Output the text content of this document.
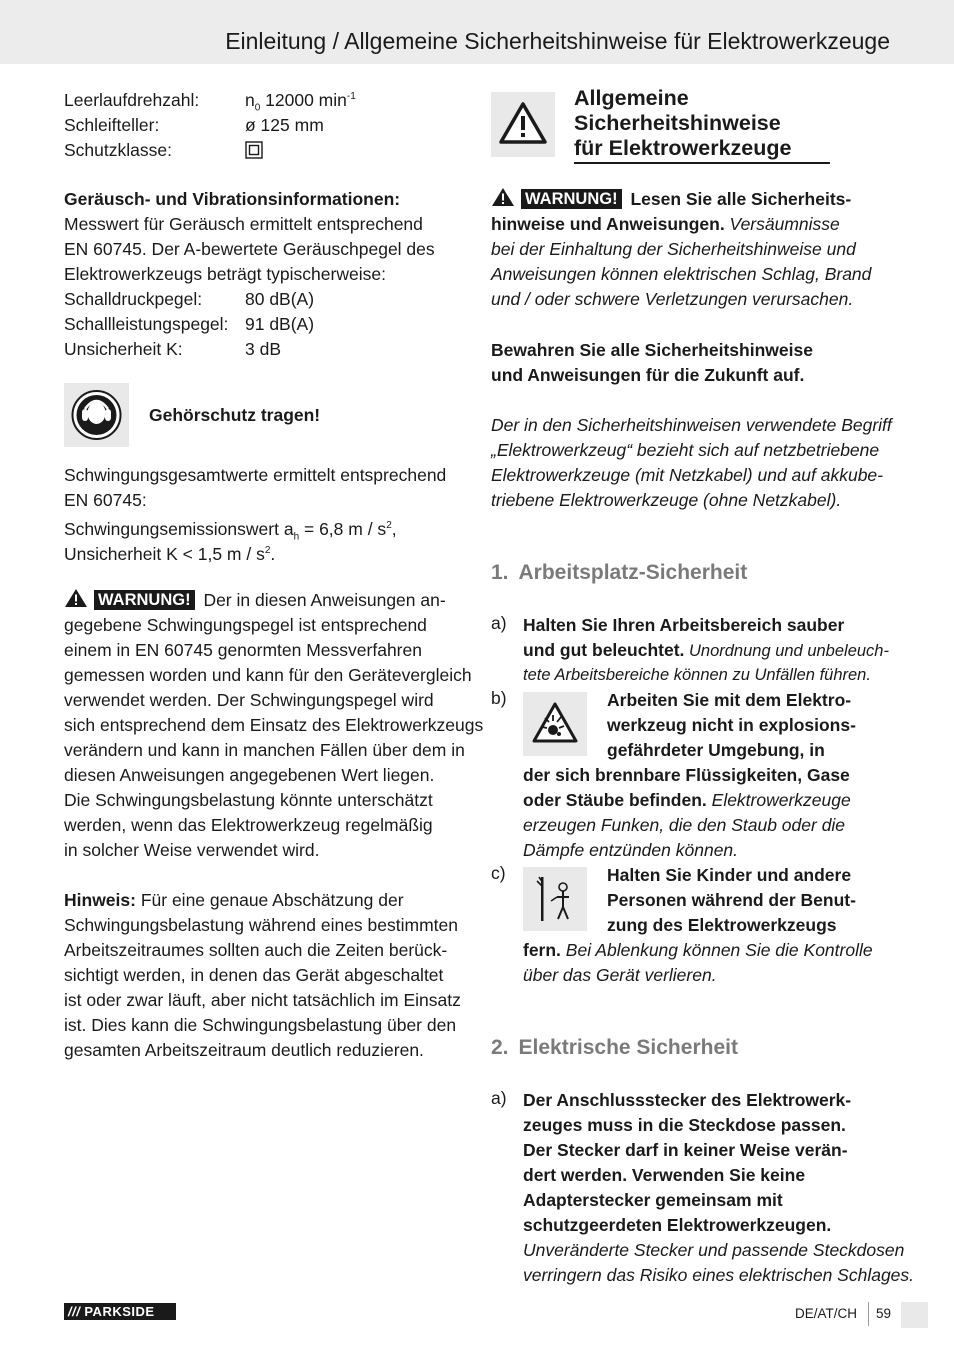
Einleitung / Allgemeine Sicherheitshinweise für Elektrowerkzeuge
Leerlaufdrehzahl:	$n_0$ 12000 $\min^{-1}$
Schleifteller:	ø 125 mm
Schutzklasse:
Geräusch- und Vibrationsinformationen:
Messwert für Geräusch ermittelt entsprechend
EN 60745. Der A-bewertete Geräuschpegel des
Elektrowerkzeugs beträgt typischerweise:
Schalldruckpegel: 80 dB(A)
Schallleistungspegel: 91 dB(A)
Unsicherheit K:	3 dB
Gehörschutz tragen!
Schwingungsgesamtwerte ermittelt entsprechend
EN 60745:
Schwingungsemissionswert $a_h = 6,8$ m / $s^2$,
Unsicherheit K < 1,5 m / $s^2$.
WARNUNG! Der in diesen Anweisungen an-
gegebene Schwingungspegel ist entsprechend
einem in EN 60745 genormten Messverfahren
gemessen worden und kann für den Gerätevergleich
verwendet werden. Der Schwingungspegel wird
sich entsprechend dem Einsatz des Elektrowerkzeugs
verändern und kann in manchen Fällen über dem in
diesen Anweisungen angegebenen Wert liegen.
Die Schwingungsbelastung könnte unterschätzt
werden, wenn das Elektrowerkzeug regelmäßig
in solcher Weise verwendet wird.
Hinweis: Für eine genaue Abschätzung der
Schwingungsbelastung während eines bestimmten
Arbeitszeitraumes sollten auch die Zeiten berück-
sichtigt werden, in denen das Gerät abgeschaltet
ist oder zwar läuft, aber nicht tatsächlich im Einsatz
ist. Dies kann die Schwingungsbelastung über den
gesamten Arbeitszeitraum deutlich reduzieren.
Allgemeine
Sicherheitshinweise
für Elektrowerkzeuge
WARNUNG! Lesen Sie alle Sicherheits-
hinweise und Anweisungen. Versäumnisse
bei der Einhaltung der Sicherheitshinweise und
Anweisungen können elektrischen Schlag, Brand
und / oder schwere Verletzungen verursachen.
Bewahren Sie alle Sicherheitshinweise
und Anweisungen für die Zukunft auf.
Der in den Sicherheitshinweisen verwendete Begriff
„Elektrowerkzeug“ bezieht sich auf netzbetriebene
Elektrowerkzeuge (mit Netzkabel) und auf akkube-
triebene Elektrowerkzeuge (ohne Netzkabel).
1. Arbeitsplatz-Sicherheit
a) Halten Sie Ihren Arbeitsbereich sauber
und gut beleuchtet. Unordnung und unbeleuch-
tete Arbeitsbereiche können zu Unfällen führen.
b)	Arbeiten Sie mit dem Elektro-
werkzeug nicht in explosions-
gefährdeter Umgebung, in
der sich brennbare Flüssigkeiten, Gase
oder Stäube befinden. Elektrowerkzeuge
erzeugen Funken, die den Staub oder die
Dämpfe entzünden können.
c)	Halten Sie Kinder und andere
Personen während der Benut-
zung des Elektrowerkzeugs
fern. Bei Ablenkung können Sie die Kontrolle
über das Gerät verlieren.
2. Elektrische Sicherheit
a) Der Anschlussstecker des Elektrowerk-
zeuges muss in die Steckdose passen.
Der Stecker darf in keiner Weise verän-
dert werden. Verwenden Sie keine
Adapterstecker gemeinsam mit
schutzgeerdeten Elektrowerkzeugen.
Unveränderte Stecker und passende Steckdosen
verringern das Risiko eines elektrischen Schlages.
/// PARKSIDE	DE/AT/CH 59
